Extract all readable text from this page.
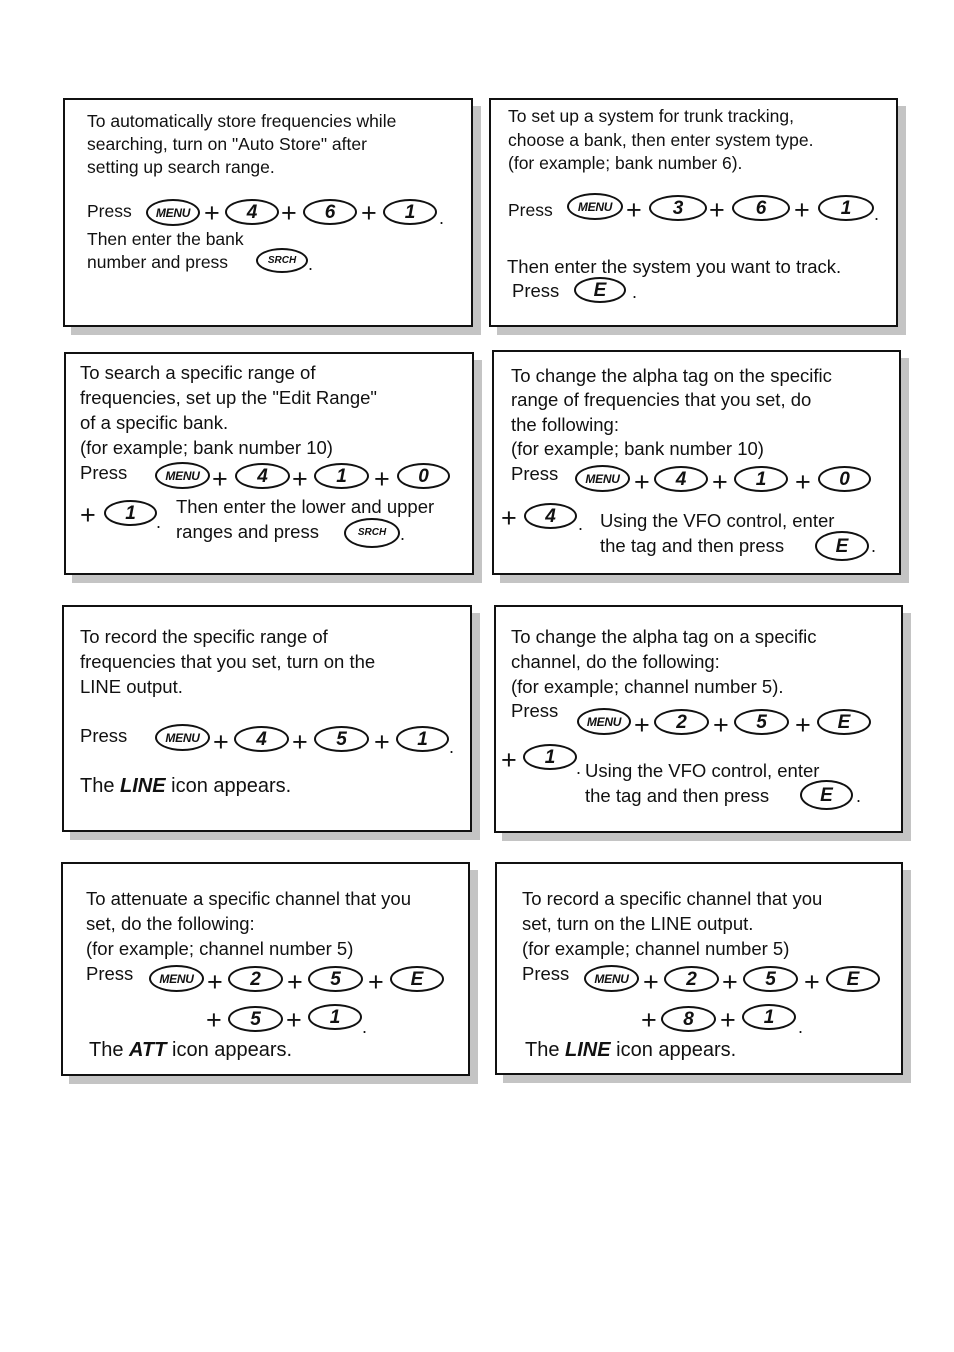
To automatically store frequencies while
searching, turn on "Auto Store" after
setting up search range.
Press	MENU +	4 +	6 +	1	.
Then enter the bank
number and press	SRCH .
To set up a system for trunk tracking,
choose a bank, then enter system type.
(for example; bank number 6).
Press	MENU +	3 +	6	+	1	.
Then enter the system you want to track.
Press	E	.
To search a specific range of
frequencies, set up the "Edit Range"
of a specific bank.
(for example; bank number 10)
Press	MENU +	4 +	1	+	0
+	1	.
Then enter the lower and upper
ranges and press	SRCH .
To change the alpha tag on the specific
range of frequencies that you set, do
the following:
(for example; bank number 10)
Press	MENU +	4 +	1	+	0
+	4	. Using the VFO control, enter
the tag and then press	E	.
To record the specific range of
frequencies that you set, turn on the
LINE output.
Press	MENU +	4 +	5	+	1	.
The LINE icon appears.
To change the alpha tag on a specific
channel, do the following:
(for example; channel number 5).
Press
MENU +	2 +	5	+	E
+	1
. Using the VFO control, enter
the tag and then press	E	.
To attenuate a specific channel that you
set, do the following:
(for example; channel number 5)
Press	MENU +	2 +	5	+	E
+	5 +	1	.
The ATT icon appears.
To record a specific channel that you
set, turn on the LINE output.
(for example; channel number 5)
Press	MENU +	2 +	5	+	E
+	8 +	1	.
The LINE icon appears.
